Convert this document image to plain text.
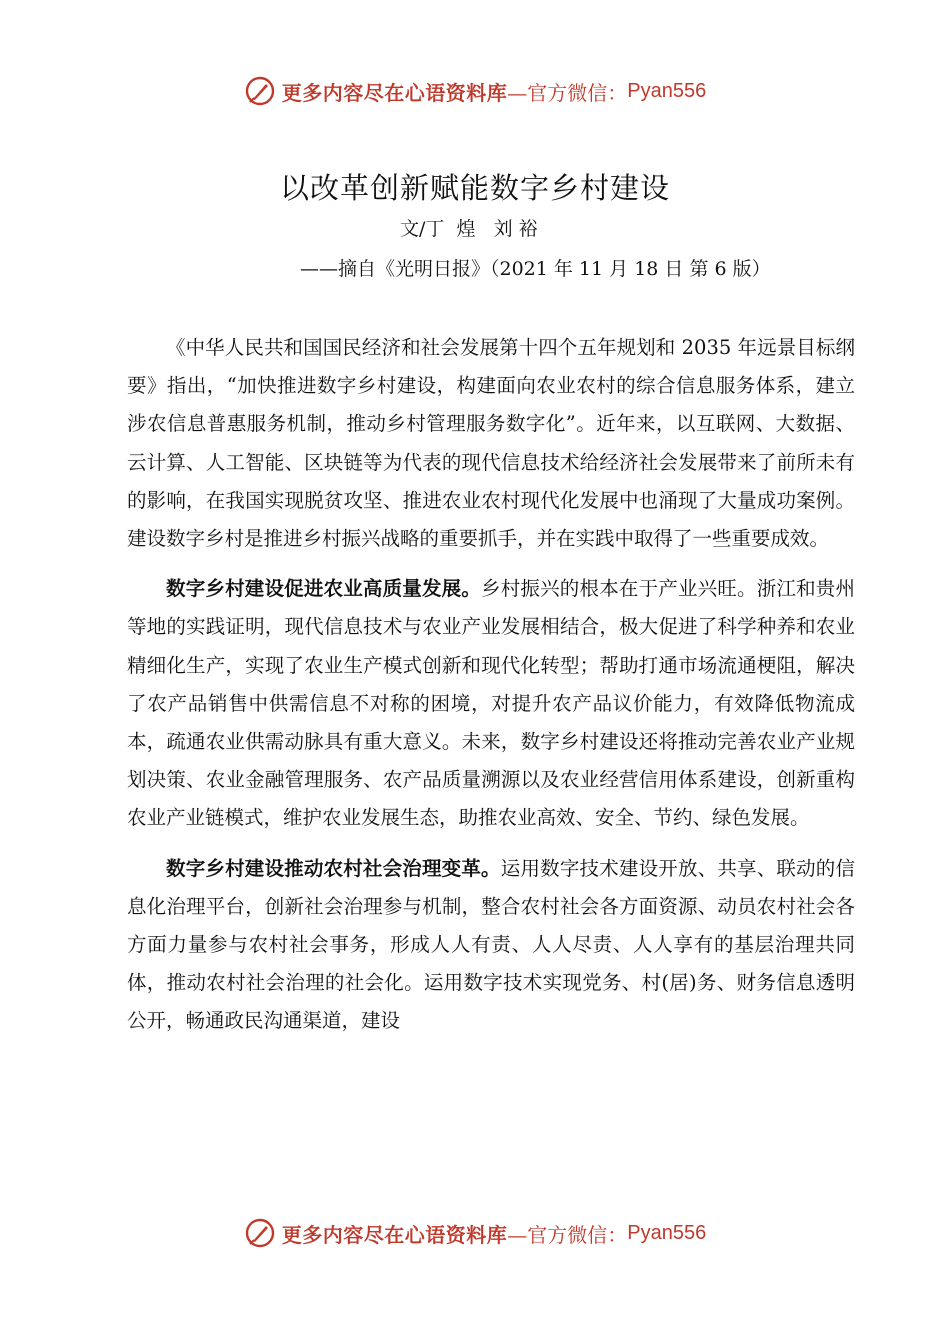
更多内容尽在心语资料库 —官方微信： Pyan556
以改革创新赋能数字乡村建设
文/丁  煌   刘 裕
——摘自《光明日报》（2021 年 11 月 18 日 第 6 版）

《中华人民共和国国民经济和社会发展第十四个五年规划和 2035 年远景目标纲要》指出，“加快推进数字乡村建设，构建面向农业农村的综合信息服务体系，建立涉农信息普惠服务机制，推动乡村管理服务数字化”。近年来，以互联网、大数据、云计算、人工智能、区块链等为代表的现代信息技术给经济社会发展带来了前所未有的影响，在我国实现脱贫攻坚、推进农业农村现代化发展中也涌现了大量成功案例。建设数字乡村是推进乡村振兴战略的重要抓手，并在实践中取得了一些重要成效。

数字乡村建设促进农业高质量发展。乡村振兴的根本在于产业兴旺。浙江和贵州等地的实践证明，现代信息技术与农业产业发展相结合，极大促进了科学种养和农业精细化生产，实现了农业生产模式创新和现代化转型；帮助打通市场流通梗阻，解决了农产品销售中供需信息不对称的困境，对提升农产品议价能力，有效降低物流成本，疏通农业供需动脉具有重大意义。未来，数字乡村建设还将推动完善农业产业规划决策、农业金融管理服务、农产品质量溯源以及农业经营信用体系建设，创新重构农业产业链模式，维护农业发展生态，助推农业高效、安全、节约、绿色发展。

数字乡村建设推动农村社会治理变革。运用数字技术建设开放、共享、联动的信息化治理平台，创新社会治理参与机制，整合农村社会各方面资源、动员农村社会各方面力量参与农村社会事务，形成人人有责、人人尽责、人人享有的基层治理共同体，推动农村社会治理的社会化。运用数字技术实现党务、村(居)务、财务信息透明公开，畅通政民沟通渠道，建设

更多内容尽在心语资料库 —官方微信： Pyan556
